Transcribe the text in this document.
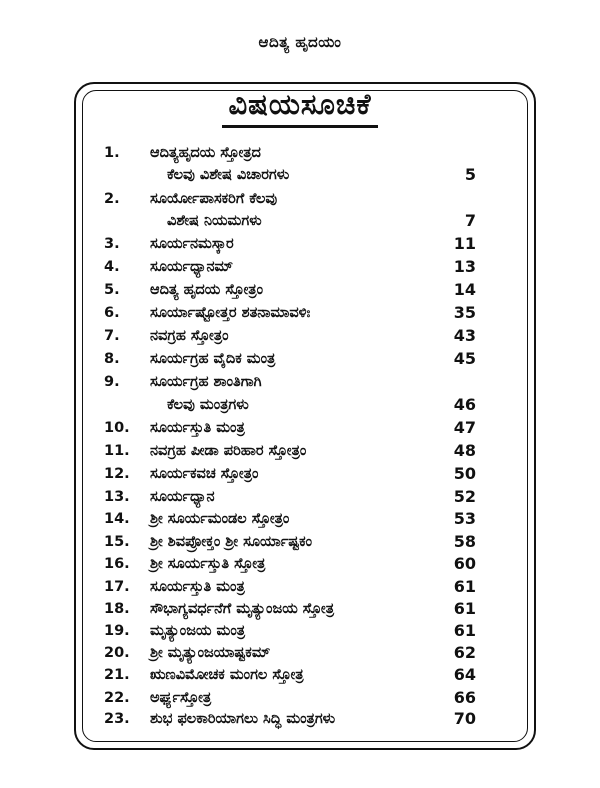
ಆದಿತ್ಯ ಹೃದಯಂ
ವಿಷಯಸೂಚಿಕೆ
1.	ಆದಿತ್ಯಹೃದಯ ಸ್ತೋತ್ರದ
ಕೆಲವು ವಿಶೇಷ ವಿಚಾರಗಳು	5
2.	ಸೂರ್ಯೋಪಾಸಕರಿಗೆ ಕೆಲವು
ವಿಶೇಷ ನಿಯಮಗಳು	7
3.	ಸೂರ್ಯನಮಸ್ಕಾರ	11
4.	ಸೂರ್ಯಧ್ಯಾನಮ್	13
5.	ಆದಿತ್ಯ ಹೃದಯ ಸ್ತೋತ್ರಂ	14
6.	ಸೂರ್ಯಾಷ್ಟೋತ್ತರ ಶತನಾಮಾವಳಿಃ	35
7.	ನವಗ್ರಹ ಸ್ತೋತ್ರಂ	43
8.	ಸೂರ್ಯಗ್ರಹ ವೈದಿಕ ಮಂತ್ರ	45
9.	ಸೂರ್ಯಗ್ರಹ ಶಾಂತಿಗಾಗಿ
ಕೆಲವು ಮಂತ್ರಗಳು	46
10.	ಸೂರ್ಯಸ್ತುತಿ ಮಂತ್ರ	47
11.	ನವಗ್ರಹ ಪೀಡಾ ಪರಿಹಾರ ಸ್ತೋತ್ರಂ	48
12.	ಸೂರ್ಯಕವಚ ಸ್ತೋತ್ರಂ	50
13.	ಸೂರ್ಯಧ್ಯಾನ	52
14.	ಶ್ರೀ ಸೂರ್ಯಮಂಡಲ ಸ್ತೋತ್ರಂ	53
15.	ಶ್ರೀ ಶಿವಪ್ರೋಕ್ತಂ ಶ್ರೀ ಸೂರ್ಯಾಷ್ಟಕಂ	58
16.	ಶ್ರೀ ಸೂರ್ಯಸ್ತುತಿ ಸ್ತೋತ್ರ	60
17.	ಸೂರ್ಯಸ್ತುತಿ ಮಂತ್ರ	61
18.	ಸೌಭಾಗ್ಯವರ್ಧನೆಗೆ ಮೃತ್ಯುಂಜಯ ಸ್ತೋತ್ರ	61
19.	ಮೃತ್ಯುಂಜಯ ಮಂತ್ರ	61
20.	ಶ್ರೀ ಮೃತ್ಯುಂಜಯಾಷ್ಟಕಮ್	62
21.	ಋಣವಿಮೋಚಕ ಮಂಗಲ ಸ್ತೋತ್ರ	64
22.	ಅರ್ಘ್ಯಸ್ತೋತ್ರ	66
23.	ಶುಭ ಫಲಕಾರಿಯಾಗಲು ಸಿದ್ಧಿ ಮಂತ್ರಗಳು	70
